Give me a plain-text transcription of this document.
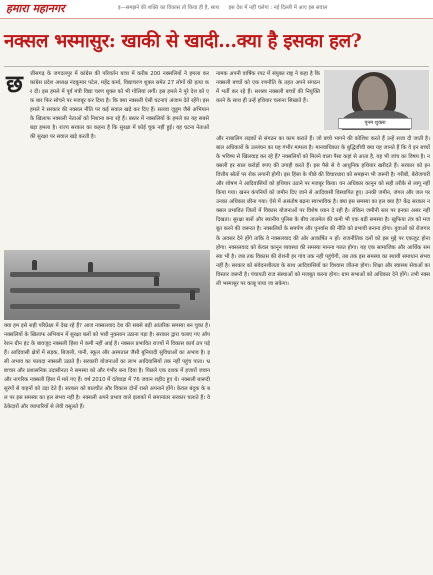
हमारा महानगर	इ—समझने की शक्ति का विकास तो किया ही है, साथ इस देश में नहीं चलेगा : नई दिल्ली में आए इस सवाल
नक्सल भस्मासुर: खाकी से खादी...क्या है इसका हल?
छ	त्तीसगढ़ के जगदलपुर में कांग्रेस की परिवर्तन यात्रा में करीब 200 नक्सलियों ने हमला कर कांग्रेस प्रदेश अध्यक्ष नंदकुमार पटेल, महेंद्र कर्मा, विद्याचरण शुक्ल समेत 27 लोगों की हत्या कर दी। इस हमले में पूर्व मंत्री विद्या चरण शुक्ल को भी गोलियां लगीं। इस हमले ने पूरे देश को एक बार फिर सोचने पर मजबूर कर दिया है। कि क्या नक्सली ऐसी घटनाएं अंजाम देते रहेंगे। इस हमले ने सरकार की नक्सल नीति पर कई सवाल खड़े कर दिए हैं। सलवा जुडूम जैसे अभियान के खिलाफ नक्सली नेताओं को निशाना बना रहे हैं। बस्तर में नक्सलियों के हमले का यह सबसे बड़ा हमला है। राज्य सरकार का कहना है कि सुरक्षा में कोई चूक नहीं हुई। यह घटना नेताओं की सुरक्षा पर सवाल खड़े करती है।
क्या हम इसे सही परिप्रेक्ष्य में देख रहे हैं? आज नक्सलवाद देश की सबसे बड़ी आंतरिक समस्या बन चुका है। नक्सलियों के खिलाफ अभियान में सुरक्षा बलों को भारी नुकसान उठाना पड़ा है। सरकार द्वारा चलाए गए ऑपरेशन ग्रीन हंट के बावजूद नक्सली हिंसा में कमी नहीं आई है। नक्सल प्रभावित राज्यों में विकास कार्य ठप पड़े हैं। आदिवासी क्षेत्रों में सड़क, बिजली, पानी, स्कूल और अस्पताल जैसी बुनियादी सुविधाओं का अभाव है। इसी अभाव का फायदा नक्सली उठाते हैं। सरकारी योजनाओं का लाभ आदिवासियों तक नहीं पहुंच पाता। भ्रष्टाचार और प्रशासनिक उदासीनता ने समस्या को और गंभीर बना दिया है। पिछले एक दशक में हजारों जवान और नागरिक नक्सली हिंसा में मारे गए हैं। वर्ष 2010 में दंतेवाड़ा में 76 जवान शहीद हुए थे। नक्सली बारूदी सुरंगों से वाहनों को उड़ा देते हैं। सरकार को बातचीत और विकास दोनों रास्ते अपनाने होंगे। केवल बंदूक के बल पर इस समस्या का हल संभव नहीं है। नक्सली अपने प्रभाव वाले इलाकों में समानांतर सरकार चलाते हैं। वे ठेकेदारों और व्यापारियों से लेवी वसूलते हैं।
नामक अपनी वार्षिक रपट में संयुक्त राष्ट्र ने कहा है कि नक्सली बच्चों को एक रणनीति के तहत अपने संगठन में भर्ती कर रहे हैं। सशस्त्र नक्सली बच्चों की नियुक्ति करने के साथ ही उन्हें हथियार चलाना सिखाते हैं।
पूनम शुक्ला
और नाबालिग लड़कों से संगठन का काम कराते हैं। जो बच्चे भागने की कोशिश करते हैं उन्हें सजा दी जाती है। बाल अधिकारों के उल्लंघन का यह गंभीर मामला है। मानवाधिकार के बुद्धिजीवी क्या यह जानते हैं कि वे इन बच्चों के भविष्य से खिलवाड़ कर रहे हैं? नक्सलियों को मिलने वाला पैसा कहां से आता है, यह भी जांच का विषय है। नक्सली हर साल करोड़ों रुपए की उगाही करते हैं। इस पैसे से वे आधुनिक हथियार खरीदते हैं। सरकार को इन वित्तीय स्रोतों पर रोक लगानी होगी। इस हिंसा के पीछे की विचारधारा को समझना भी जरूरी है। गरीबी, बेरोजगारी और शोषण ने आदिवासियों को हथियार उठाने पर मजबूर किया। वन अधिकार कानून को सही तरीके से लागू नहीं किया गया। खनन कंपनियों को जमीन दिए जाने से आदिवासी विस्थापित हुए। उनकी जमीन, जंगल और जल पर उनका अधिकार छीना गया। ऐसे में असंतोष बढ़ना स्वाभाविक है। क्या इस समस्या का हल क्या है? केंद्र सरकार नक्सल प्रभावित जिलों में विकास योजनाओं पर विशेष ध्यान दे रही है। लेकिन जमीनी स्तर पर इनका असर नहीं दिखता। सुरक्षा बलों और स्थानीय पुलिस के बीच तालमेल की कमी भी एक बड़ी समस्या है। खुफिया तंत्र को मजबूत करने की जरूरत है। नक्सलियों के समर्पण और पुनर्वास की नीति को प्रभावी बनाना होगा। युवाओं को रोजगार के अवसर देने होंगे ताकि वे नक्सलवाद की ओर आकर्षित न हों। राजनीतिक दलों को इस मुद्दे पर एकजुट होना होगा। नक्सलवाद को केवल कानून व्यवस्था की समस्या मानना गलत होगा। यह एक सामाजिक और आर्थिक समस्या भी है। जब तक विकास की रोशनी हर गांव तक नहीं पहुंचेगी, तब तक इस समस्या का स्थायी समाधान संभव नहीं है। सरकार को संवेदनशीलता के साथ आदिवासियों का विश्वास जीतना होगा। शिक्षा और स्वास्थ्य सेवाओं का विस्तार जरूरी है। पंचायती राज संस्थाओं को मजबूत करना होगा। ग्राम सभाओं को अधिकार देने होंगे। तभी नक्सली भस्मासुर पर काबू पाया जा सकेगा।
